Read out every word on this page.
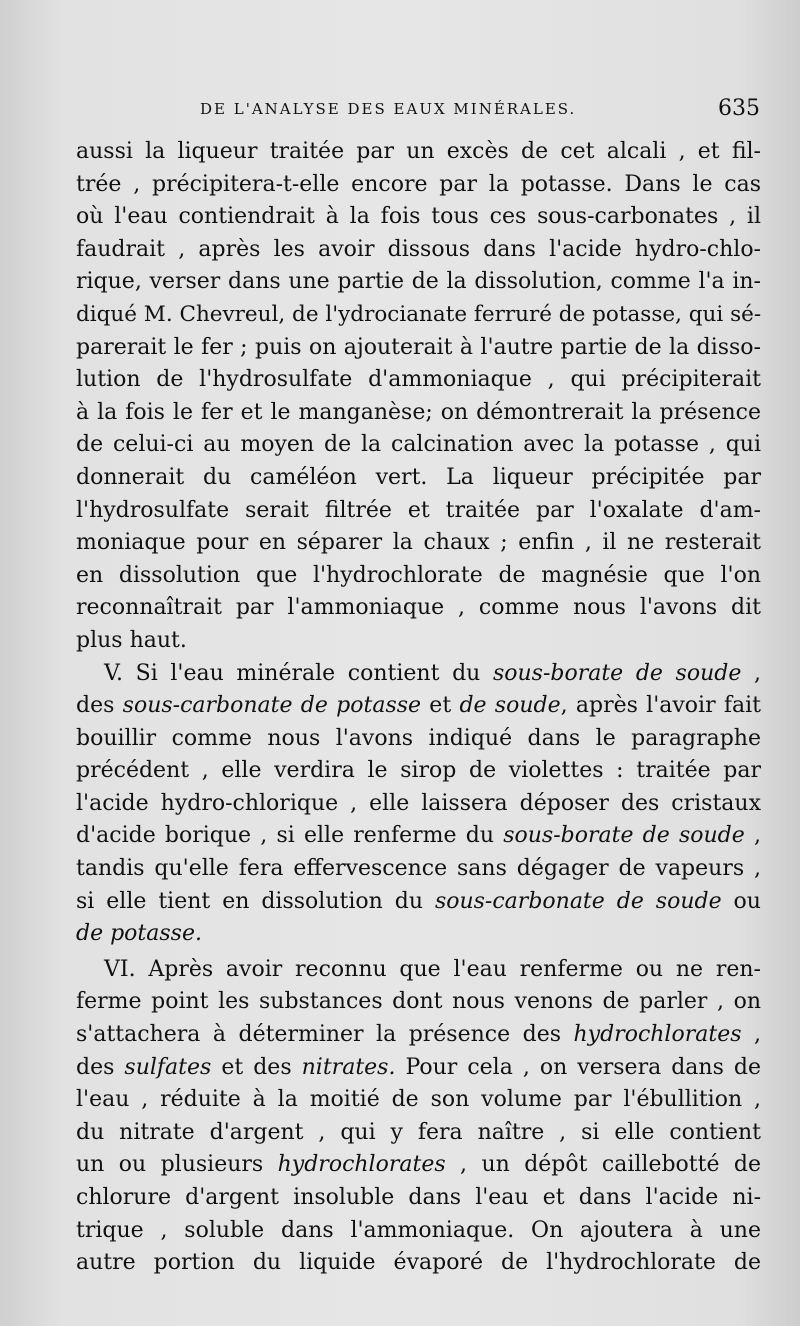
DE L'ANALYSE DES EAUX MINÉRALES.	635
aussi la liqueur traitée par un excès de cet alcali , et fil-
trée , précipitera-t-elle encore par la potasse. Dans le cas
où l'eau contiendrait à la fois tous ces sous-carbonates , il
faudrait , après les avoir dissous dans l'acide hydro-chlo-
rique, verser dans une partie de la dissolution, comme l'a in-
diqué M. Chevreul, de l'ydrocianate ferruré de potasse, qui sé-
parerait le fer ; puis on ajouterait à l'autre partie de la disso-
lution de l'hydrosulfate d'ammoniaque , qui précipiterait
à la fois le fer et le manganèse; on démontrerait la présence
de celui-ci au moyen de la calcination avec la potasse , qui
donnerait du caméléon vert. La liqueur précipitée par
l'hydrosulfate serait filtrée et traitée par l'oxalate d'am-
moniaque pour en séparer la chaux ; enfin , il ne resterait
en dissolution que l'hydrochlorate de magnésie que l'on
reconnaîtrait par l'ammoniaque , comme nous l'avons dit
plus haut.
V. Si l'eau minérale contient du sous-borate de soude ,
des sous-carbonate de potasse et de soude, après l'avoir fait
bouillir comme nous l'avons indiqué dans le paragraphe
précédent , elle verdira le sirop de violettes : traitée par
l'acide hydro-chlorique , elle laissera déposer des cristaux
d'acide borique , si elle renferme du sous-borate de soude ,
tandis qu'elle fera effervescence sans dégager de vapeurs ,
si elle tient en dissolution du sous-carbonate de soude ou
de potasse.
VI. Après avoir reconnu que l'eau renferme ou ne ren-
ferme point les substances dont nous venons de parler , on
s'attachera à déterminer la présence des hydrochlorates ,
des sulfates et des nitrates. Pour cela , on versera dans de
l'eau , réduite à la moitié de son volume par l'ébullition ,
du nitrate d'argent , qui y fera naître , si elle contient
un ou plusieurs hydrochlorates , un dépôt caillebotté de
chlorure d'argent insoluble dans l'eau et dans l'acide ni-
trique , soluble dans l'ammoniaque. On ajoutera à une
autre portion du liquide évaporé de l'hydrochlorate de
